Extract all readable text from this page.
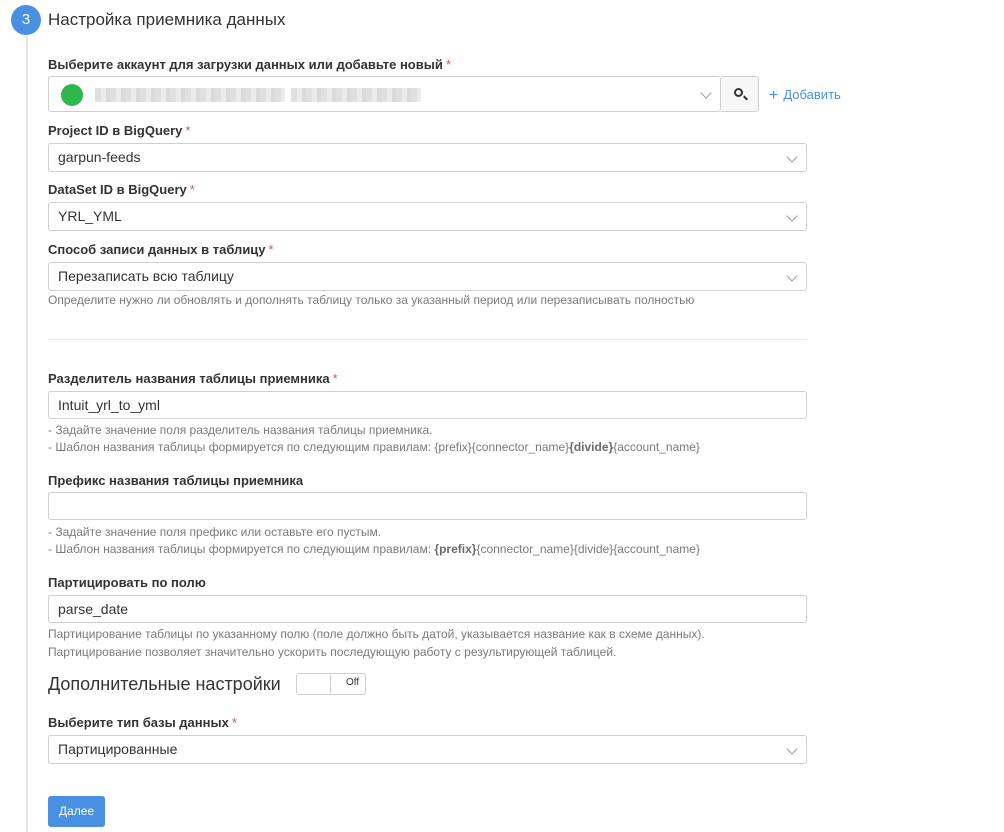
3	Настройка приемника данных
Выберите аккаунт для загрузки данных или добавьте новый *
+ Добавить
Project ID в BigQuery *
garpun-feeds
DataSet ID в BigQuery *
YRL_YML
Способ записи данных в таблицу *
Перезаписать всю таблицу
Определите нужно ли обновлять и дополнять таблицу только за указанный период или перезаписывать полностью
Разделитель названия таблицы приемника *
Intuit_yrl_to_yml
- Задайте значение поля разделитель названия таблицы приемника.
- Шаблон названия таблицы формируется по следующим правилам: {prefix}{connector_name}{divide}{account_name}
Префикс названия таблицы приемника
- Задайте значение поля префикс или оставьте его пустым.
- Шаблон названия таблицы формируется по следующим правилам: {prefix}{connector_name}{divide}{account_name}
Партицировать по полю
parse_date
Партицирование таблицы по указанному полю (поле должно быть датой, указывается название как в схеме данных).
Партицирование позволяет значительно ускорить последующую работу с результирующей таблицей.
Дополнительные настройки	Off
Выберите тип базы данных *
Партицированные
Далее
